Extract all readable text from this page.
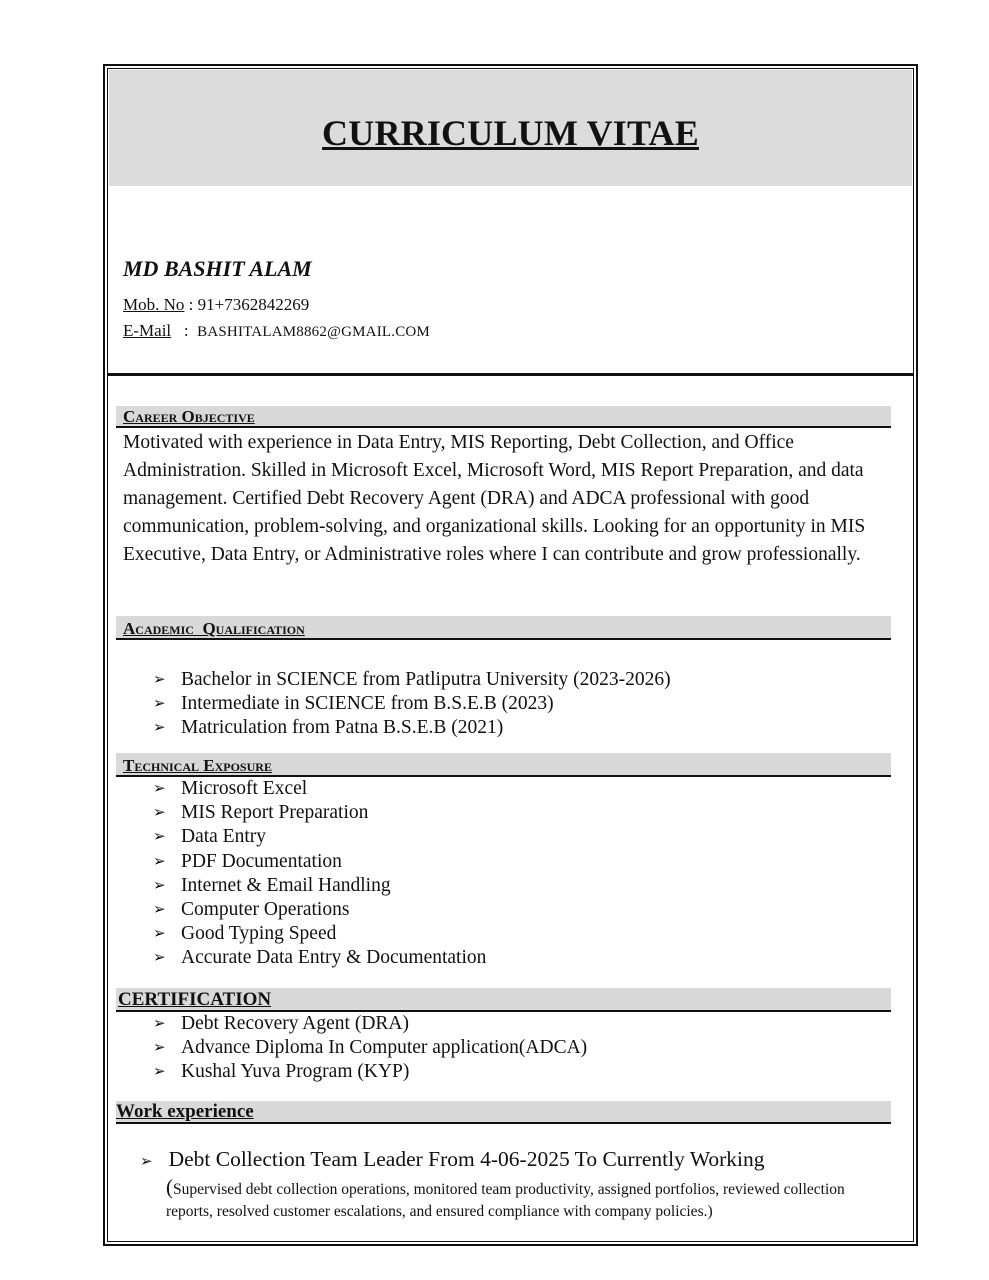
CURRICULUM VITAE
MD BASHIT ALAM
Mob. No : 91+7362842269
E-Mail   :  BASHITALAM8862@GMAIL.COM
Career Objective

Motivated with experience in Data Entry, MIS Reporting, Debt Collection, and Office Administration. Skilled in Microsoft Excel, Microsoft Word, MIS Report Preparation, and data management. Certified Debt Recovery Agent (DRA) and ADCA professional with good communication, problem-solving, and organizational skills. Looking for an opportunity in MIS Executive, Data Entry, or Administrative roles where I can contribute and grow professionally.

Academic  Qualification
➢ Bachelor in SCIENCE from Patliputra University (2023-2026)
➢ Intermediate in SCIENCE from B.S.E.B (2023)
➢ Matriculation from Patna B.S.E.B (2021)
Technical Exposure
➢ Microsoft Excel
➢ MIS Report Preparation
➢ Data Entry
➢ PDF Documentation
➢ Internet & Email Handling
➢ Computer Operations
➢ Good Typing Speed
➢ Accurate Data Entry & Documentation
CERTIFICATION
➢ Debt Recovery Agent (DRA)
➢ Advance Diploma In Computer application(ADCA)
➢ Kushal Yuva Program (KYP)
Work experience
➢ Debt Collection Team Leader From 4-06-2025 To Currently Working

(Supervised debt collection operations, monitored team productivity, assigned portfolios, reviewed collection reports, resolved customer escalations, and ensured compliance with company policies.)
